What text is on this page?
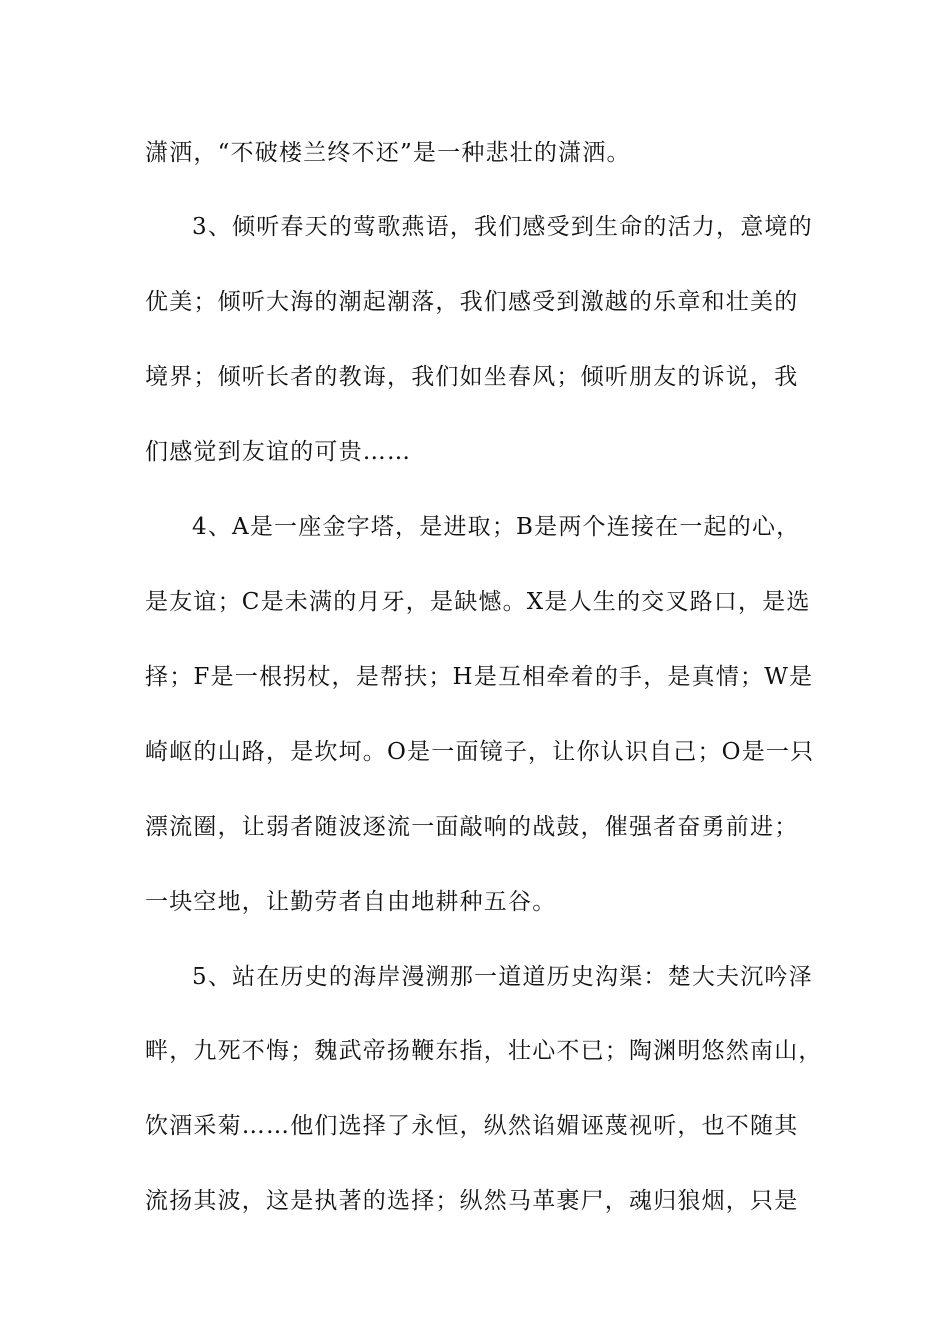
潇洒，“不破楼兰终不还”是一种悲壮的潇洒。
3、倾听春天的莺歌燕语，我们感受到生命的活力，意境的
优美；倾听大海的潮起潮落，我们感受到激越的乐章和壮美的
境界；倾听长者的教诲，我们如坐春风；倾听朋友的诉说，我
们感觉到友谊的可贵……
4、A是一座金字塔，是进取；B是两个连接在一起的心，
是友谊；C是未满的月牙，是缺憾。X是人生的交叉路口，是选
择；F是一根拐杖，是帮扶；H是互相牵着的手，是真情；W是
崎岖的山路，是坎坷。O是一面镜子，让你认识自己；O是一只
漂流圈，让弱者随波逐流一面敲响的战鼓，催强者奋勇前进；
一块空地，让勤劳者自由地耕种五谷。
5、站在历史的海岸漫溯那一道道历史沟渠：楚大夫沉吟泽
畔，九死不悔；魏武帝扬鞭东指，壮心不已；陶渊明悠然南山，
饮酒采菊……他们选择了永恒，纵然谄媚诬蔑视听，也不随其
流扬其波，这是执著的选择；纵然马革裹尸，魂归狼烟，只是
